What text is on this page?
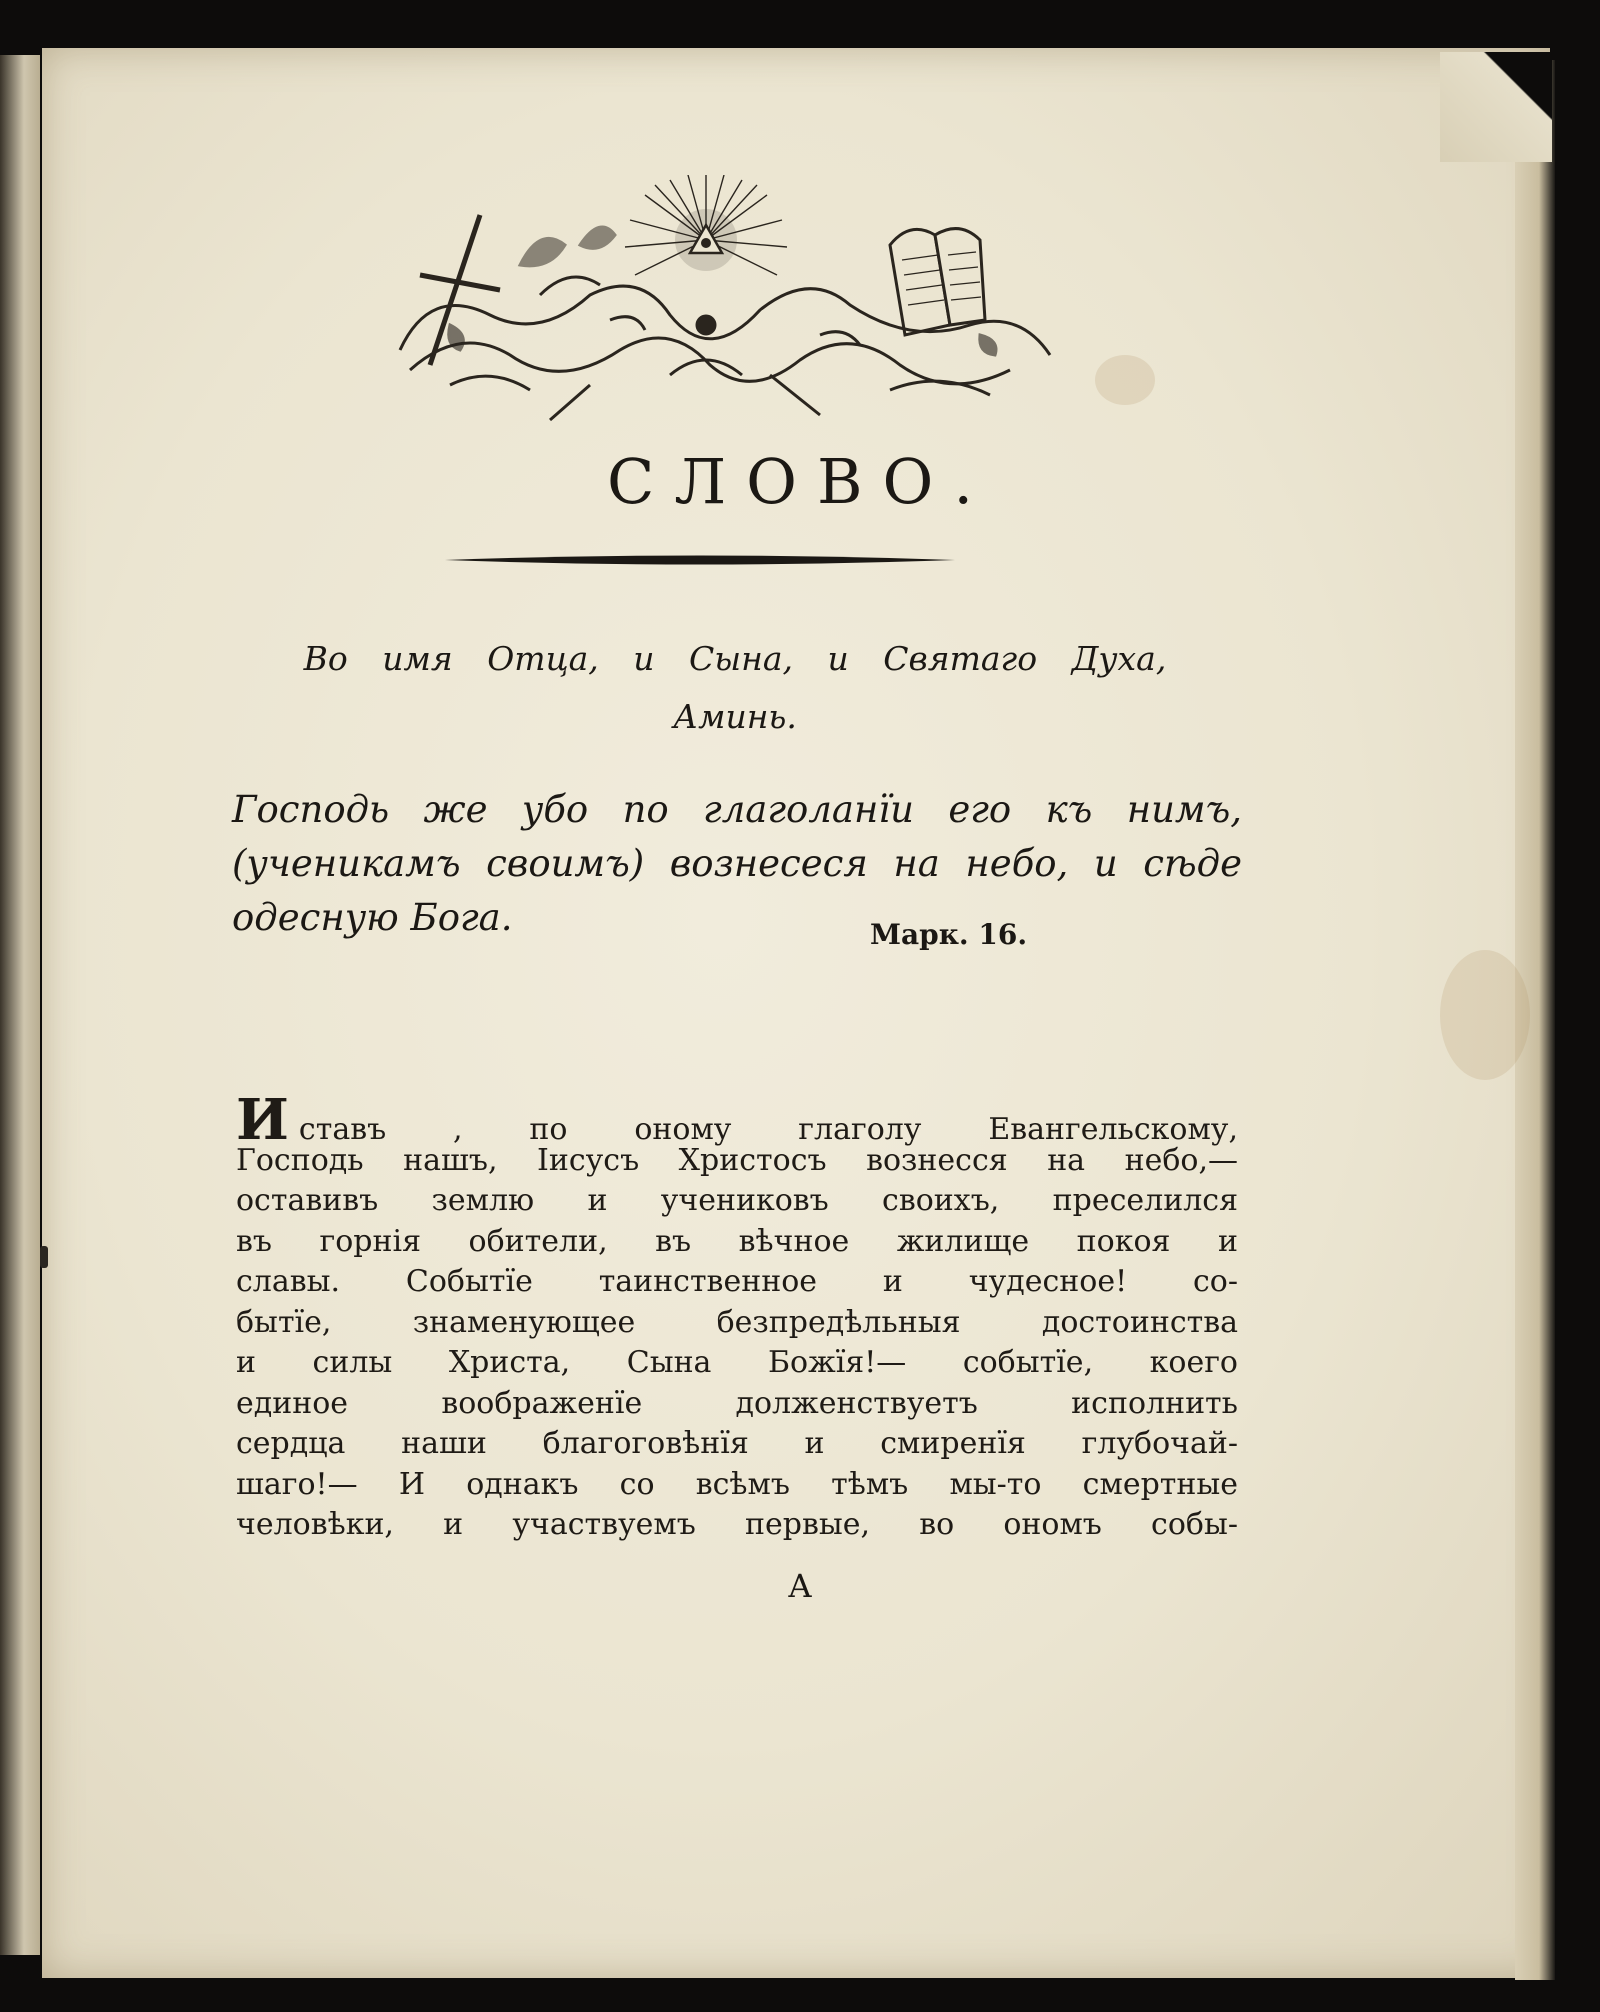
СЛОВО.
Во имя Отца, и Сына, и Святаго Духа,
Аминь.
Господь же убо по глаголанїи его къ нимъ, (ученикамъ своимъ) вознесеся на небо, и сѣде одесную Бога.	Марк. 16.
Иставъ , по оному глаголу Евангельскому,
Господь нашъ, Iисусъ Христосъ вознесся на небо,—
оставивъ землю и учениковъ своихъ, преселился
въ горнія обители, въ вѣчное жилище покоя и
славы. Событїе таинственное и чудесное! со-
бытїе, знаменующее безпредѣльныя достоинства
и силы Христа, Сына Божїя!— событїе, коего
единое воображенїе долженствуетъ исполнить
сердца наши благоговѣнїя и смиренїя глубочай-
шаго!— И однакъ со всѣмъ тѣмъ мы-то смертные
человѣки, и участвуемъ первые, во ономъ собы-
А
